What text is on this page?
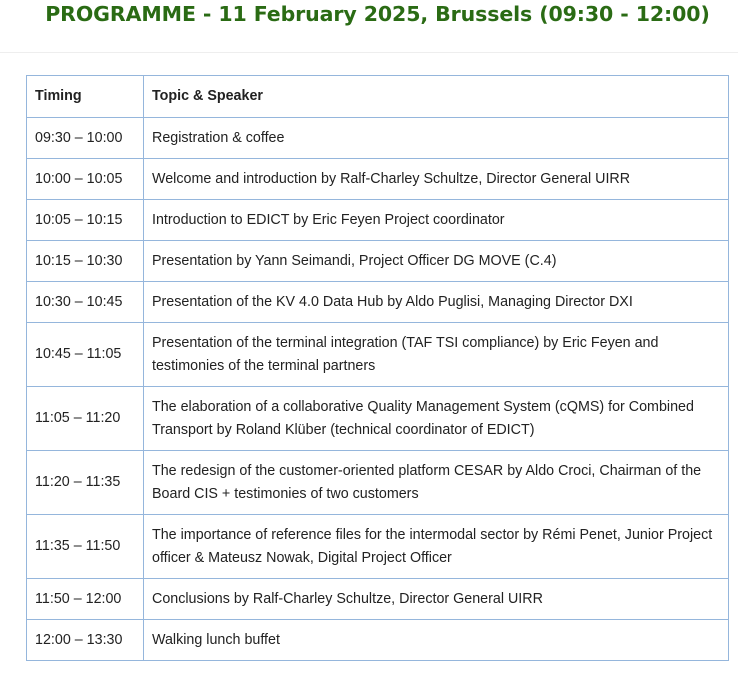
PROGRAMME - 11 February 2025, Brussels (09:30 - 12:00)
Timing	Topic & Speaker
09:30 – 10:00	Registration & coffee
10:00 – 10:05	Welcome and introduction by Ralf-Charley Schultze, Director General UIRR
10:05 – 10:15	Introduction to EDICT by Eric Feyen Project coordinator
10:15 – 10:30	Presentation by Yann Seimandi, Project Officer DG MOVE (C.4)
10:30 – 10:45	Presentation of the KV 4.0 Data Hub by Aldo Puglisi, Managing Director DXI
10:45 – 11:05	Presentation of the terminal integration (TAF TSI compliance) by Eric Feyen and testimonies of the terminal partners
11:05 – 11:20	The elaboration of a collaborative Quality Management System (cQMS) for Combined Transport by Roland Klüber (technical coordinator of EDICT)
11:20 – 11:35	The redesign of the customer-oriented platform CESAR by Aldo Croci, Chairman of the Board CIS + testimonies of two customers
11:35 – 11:50	The importance of reference files for the intermodal sector by Rémi Penet, Junior Project officer & Mateusz Nowak, Digital Project Officer
11:50 – 12:00	Conclusions by Ralf-Charley Schultze, Director General UIRR
12:00 – 13:30	Walking lunch buffet
